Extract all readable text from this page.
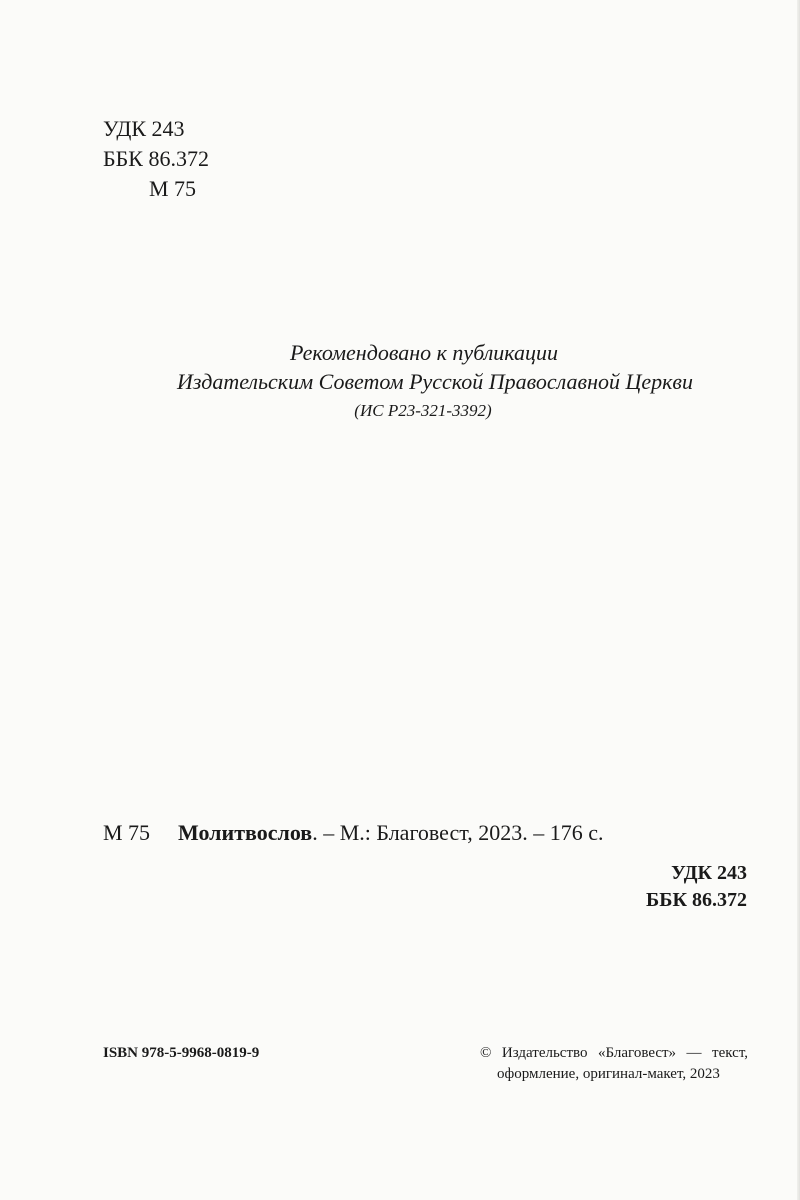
УДК 243
ББК 86.372
М 75
Рекомендовано к публикации
Издательским Советом Русской Православной Церкви
(ИС Р23-321-3392)
М 75 Молитвослов. – М.: Благовест, 2023. – 176 с.
УДК 243
ББК 86.372
ISBN 978-5-9968-0819-9	© Издательство «Благовест» — текст,
оформление, оригинал-макет, 2023
